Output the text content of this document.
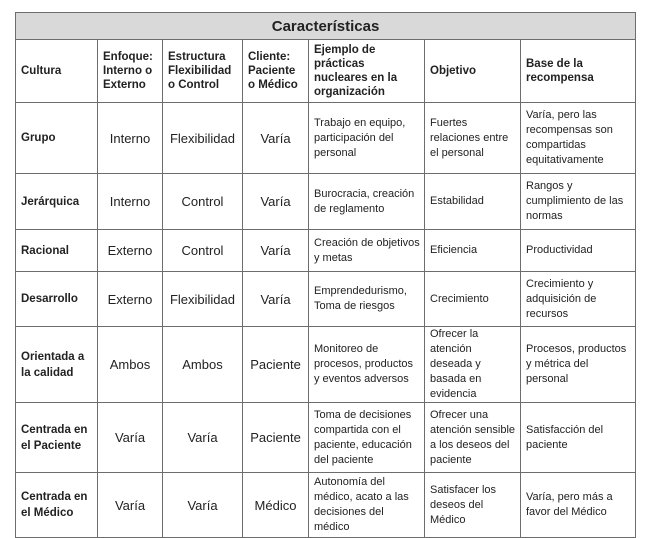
Características						
Cultura	Enfoque: Interno o Externo	Estructura Flexibilidad o Control	Cliente: Paciente o Médico	Ejemplo de prácticas nucleares en la organización	Objetivo	Base de la recompensa
Grupo	Interno	Flexibilidad	Varía	Trabajo en equipo, participación del personal	Fuertes relaciones entre el personal	Varía, pero las recompensas son compartidas equitativamente
Jerárquica	Interno	Control	Varía	Burocracia, creación de reglamento	Estabilidad	Rangos y cumplimiento de las normas
Racional	Externo	Control	Varía	Creación de objetivos y metas	Eficiencia	Productividad
Desarrollo	Externo	Flexibilidad	Varía	Emprendedurismo, Toma de riesgos	Crecimiento	Crecimiento y adquisición de recursos
Orientada a la calidad	Ambos	Ambos	Paciente	Monitoreo de procesos, productos y eventos adversos	Ofrecer la atención deseada y basada en evidencia	Procesos, productos y métrica del personal
Centrada en el Paciente	Varía	Varía	Paciente	Toma de decisiones compartida con el paciente, educación del paciente	Ofrecer una atención sensible a los deseos del paciente	Satisfacción del paciente
Centrada en el Médico	Varía	Varía	Médico	Autonomía del médico, acato a las decisiones del médico	Satisfacer los deseos del Médico	Varía, pero más a favor del Médico
